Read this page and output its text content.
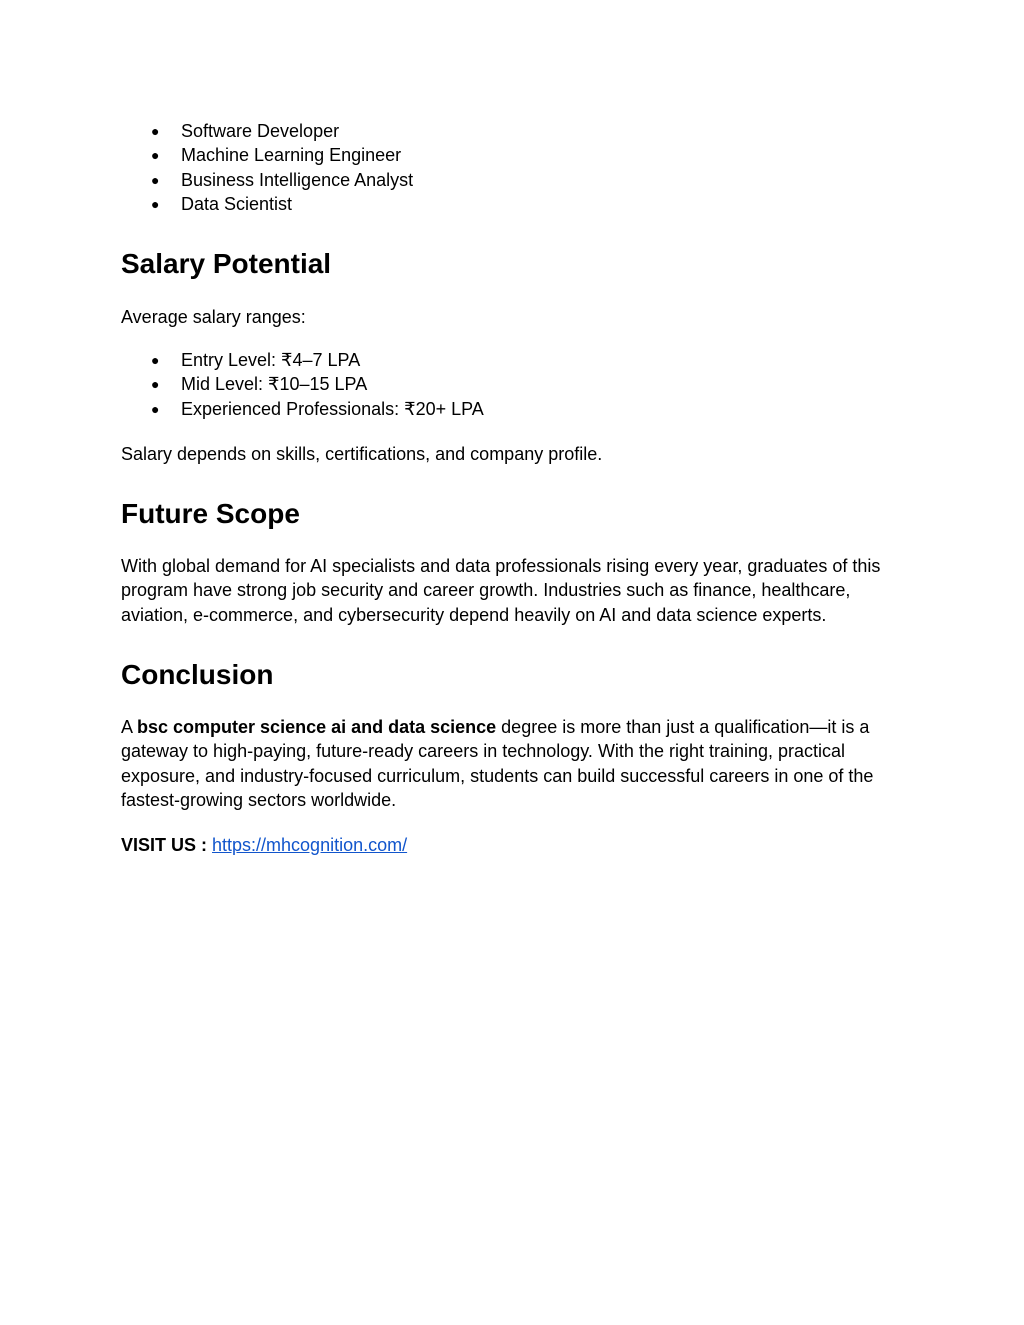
● Software Developer
● Machine Learning Engineer
● Business Intelligence Analyst
● Data Scientist
Salary Potential

Average salary ranges:

● Entry Level: ₹4–7 LPA
● Mid Level: ₹10–15 LPA
● Experienced Professionals: ₹20+ LPA

Salary depends on skills, certifications, and company profile.

Future Scope

With global demand for AI specialists and data professionals rising every year, graduates of this program have strong job security and career growth. Industries such as finance, healthcare, aviation, e-commerce, and cybersecurity depend heavily on AI and data science experts.

Conclusion

A bsc computer science ai and data science degree is more than just a qualification—it is a gateway to high-paying, future-ready careers in technology. With the right training, practical exposure, and industry-focused curriculum, students can build successful careers in one of the fastest-growing sectors worldwide.

VISIT US : https://mhcognition.com/
